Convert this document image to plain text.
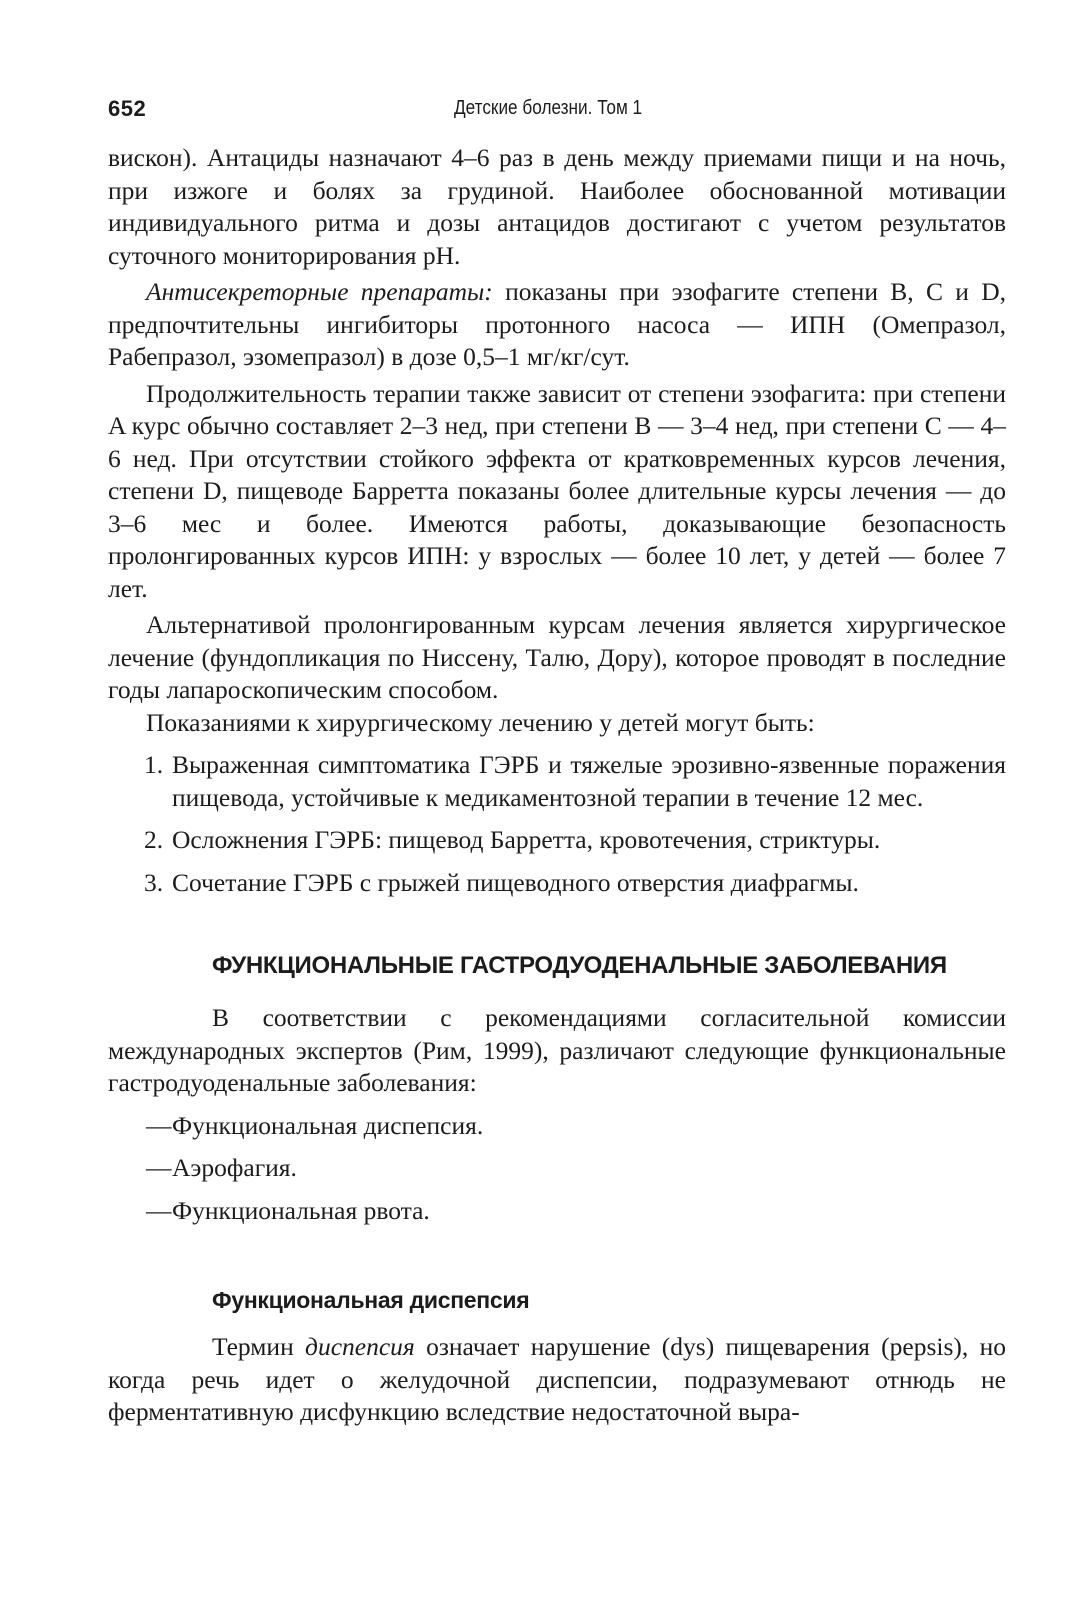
652	Детские болезни. Том 1

вискон). Антациды назначают 4–6 раз в день между приемами пищи и на ночь, при изжоге и болях за грудиной. Наиболее обоснованной мотивации индивидуального ритма и дозы антацидов достигают с учетом результатов суточного мониторирования pH.

Антисекреторные препараты: показаны при эзофагите степени B, C и D, предпочтительны ингибиторы протонного насоса — ИПН (Омепразол, Рабепразол, эзомепразол) в дозе 0,5–1 мг/кг/сут.

Продолжительность терапии также зависит от степени эзофагита: при степени A курс обычно составляет 2–3 нед, при степени B — 3–4 нед, при степени C — 4–6 нед. При отсутствии стойкого эффекта от кратковременных курсов лечения, степени D, пищеводе Барретта показаны более длительные курсы лечения — до 3–6 мес и более. Имеются работы, доказывающие безопасность пролонгированных курсов ИПН: у взрослых — более 10 лет, у детей — более 7 лет.

Альтернативой пролонгированным курсам лечения является хирургическое лечение (фундопликация по Ниссену, Талю, Дору), которое проводят в последние годы лапароскопическим способом.

Показаниями к хирургическому лечению у детей могут быть:

1. Выраженная симптоматика ГЭРБ и тяжелые эрозивно-язвенные поражения пищевода, устойчивые к медикаментозной терапии в течение 12 мес.
2. Осложнения ГЭРБ: пищевод Барретта, кровотечения, стриктуры.
3. Сочетание ГЭРБ с грыжей пищеводного отверстия диафрагмы.
ФУНКЦИОНАЛЬНЫЕ ГАСТРОДУОДЕНАЛЬНЫЕ ЗАБОЛЕВАНИЯ

В соответствии с рекомендациями согласительной комиссии международных экспертов (Рим, 1999), различают следующие функциональные гастродуоденальные заболевания:

— Функциональная диспепсия.
— Аэрофагия.
— Функциональная рвота.
Функциональная диспепсия

Термин диспепсия означает нарушение (dys) пищеварения (pepsis), но когда речь идет о желудочной диспепсии, подразумевают отнюдь не ферментативную дисфункцию вследствие недостаточной выра-
